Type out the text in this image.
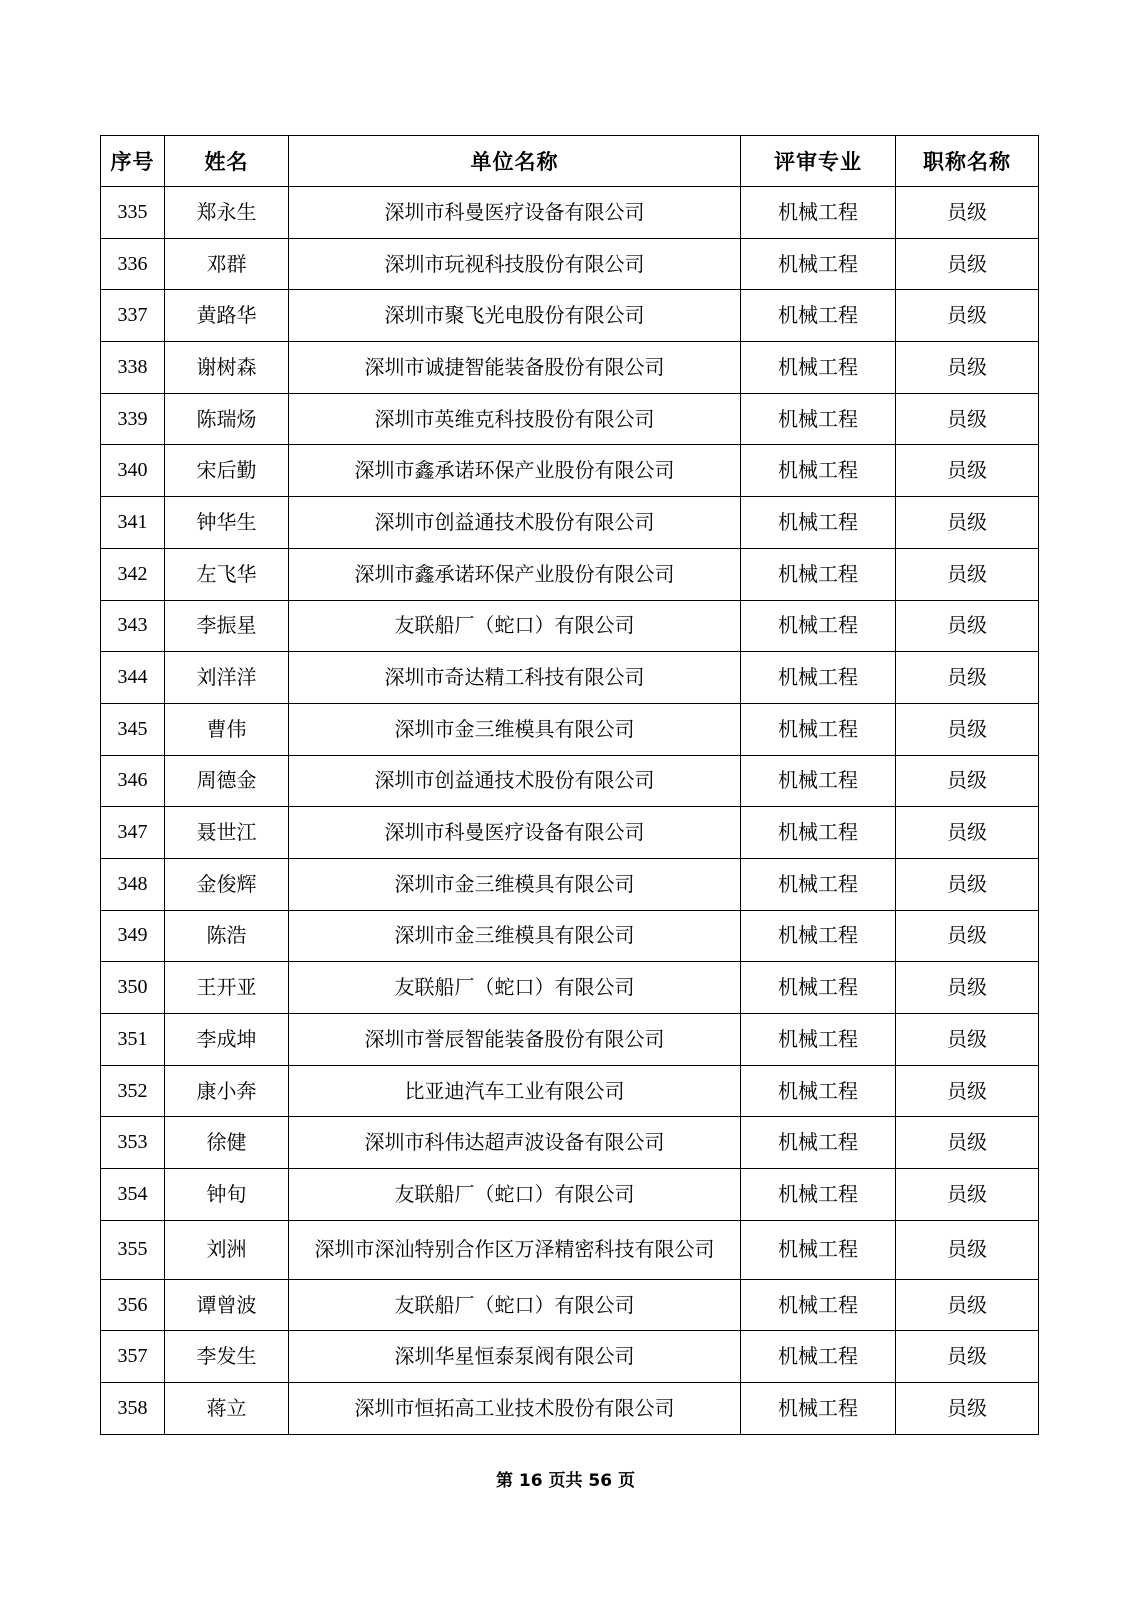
序号	姓名	单位名称	评审专业	职称名称
335	郑永生	深圳市科曼医疗设备有限公司	机械工程	员级
336	邓群	深圳市玩视科技股份有限公司	机械工程	员级
337	黄路华	深圳市聚飞光电股份有限公司	机械工程	员级
338	谢树森	深圳市诚捷智能装备股份有限公司	机械工程	员级
339	陈瑞炀	深圳市英维克科技股份有限公司	机械工程	员级
340	宋后勤	深圳市鑫承诺环保产业股份有限公司	机械工程	员级
341	钟华生	深圳市创益通技术股份有限公司	机械工程	员级
342	左飞华	深圳市鑫承诺环保产业股份有限公司	机械工程	员级
343	李振星	友联船厂（蛇口）有限公司	机械工程	员级
344	刘洋洋	深圳市奇达精工科技有限公司	机械工程	员级
345	曹伟	深圳市金三维模具有限公司	机械工程	员级
346	周德金	深圳市创益通技术股份有限公司	机械工程	员级
347	聂世江	深圳市科曼医疗设备有限公司	机械工程	员级
348	金俊辉	深圳市金三维模具有限公司	机械工程	员级
349	陈浩	深圳市金三维模具有限公司	机械工程	员级
350	王开亚	友联船厂（蛇口）有限公司	机械工程	员级
351	李成坤	深圳市誉辰智能装备股份有限公司	机械工程	员级
352	康小奔	比亚迪汽车工业有限公司	机械工程	员级
353	徐健	深圳市科伟达超声波设备有限公司	机械工程	员级
354	钟旬	友联船厂（蛇口）有限公司	机械工程	员级
355	刘洲	深圳市深汕特别合作区万泽精密科技有限公司	机械工程	员级
356	谭曾波	友联船厂（蛇口）有限公司	机械工程	员级
357	李发生	深圳华星恒泰泵阀有限公司	机械工程	员级
358	蒋立	深圳市恒拓高工业技术股份有限公司	机械工程	员级
第 16 页共 56 页
